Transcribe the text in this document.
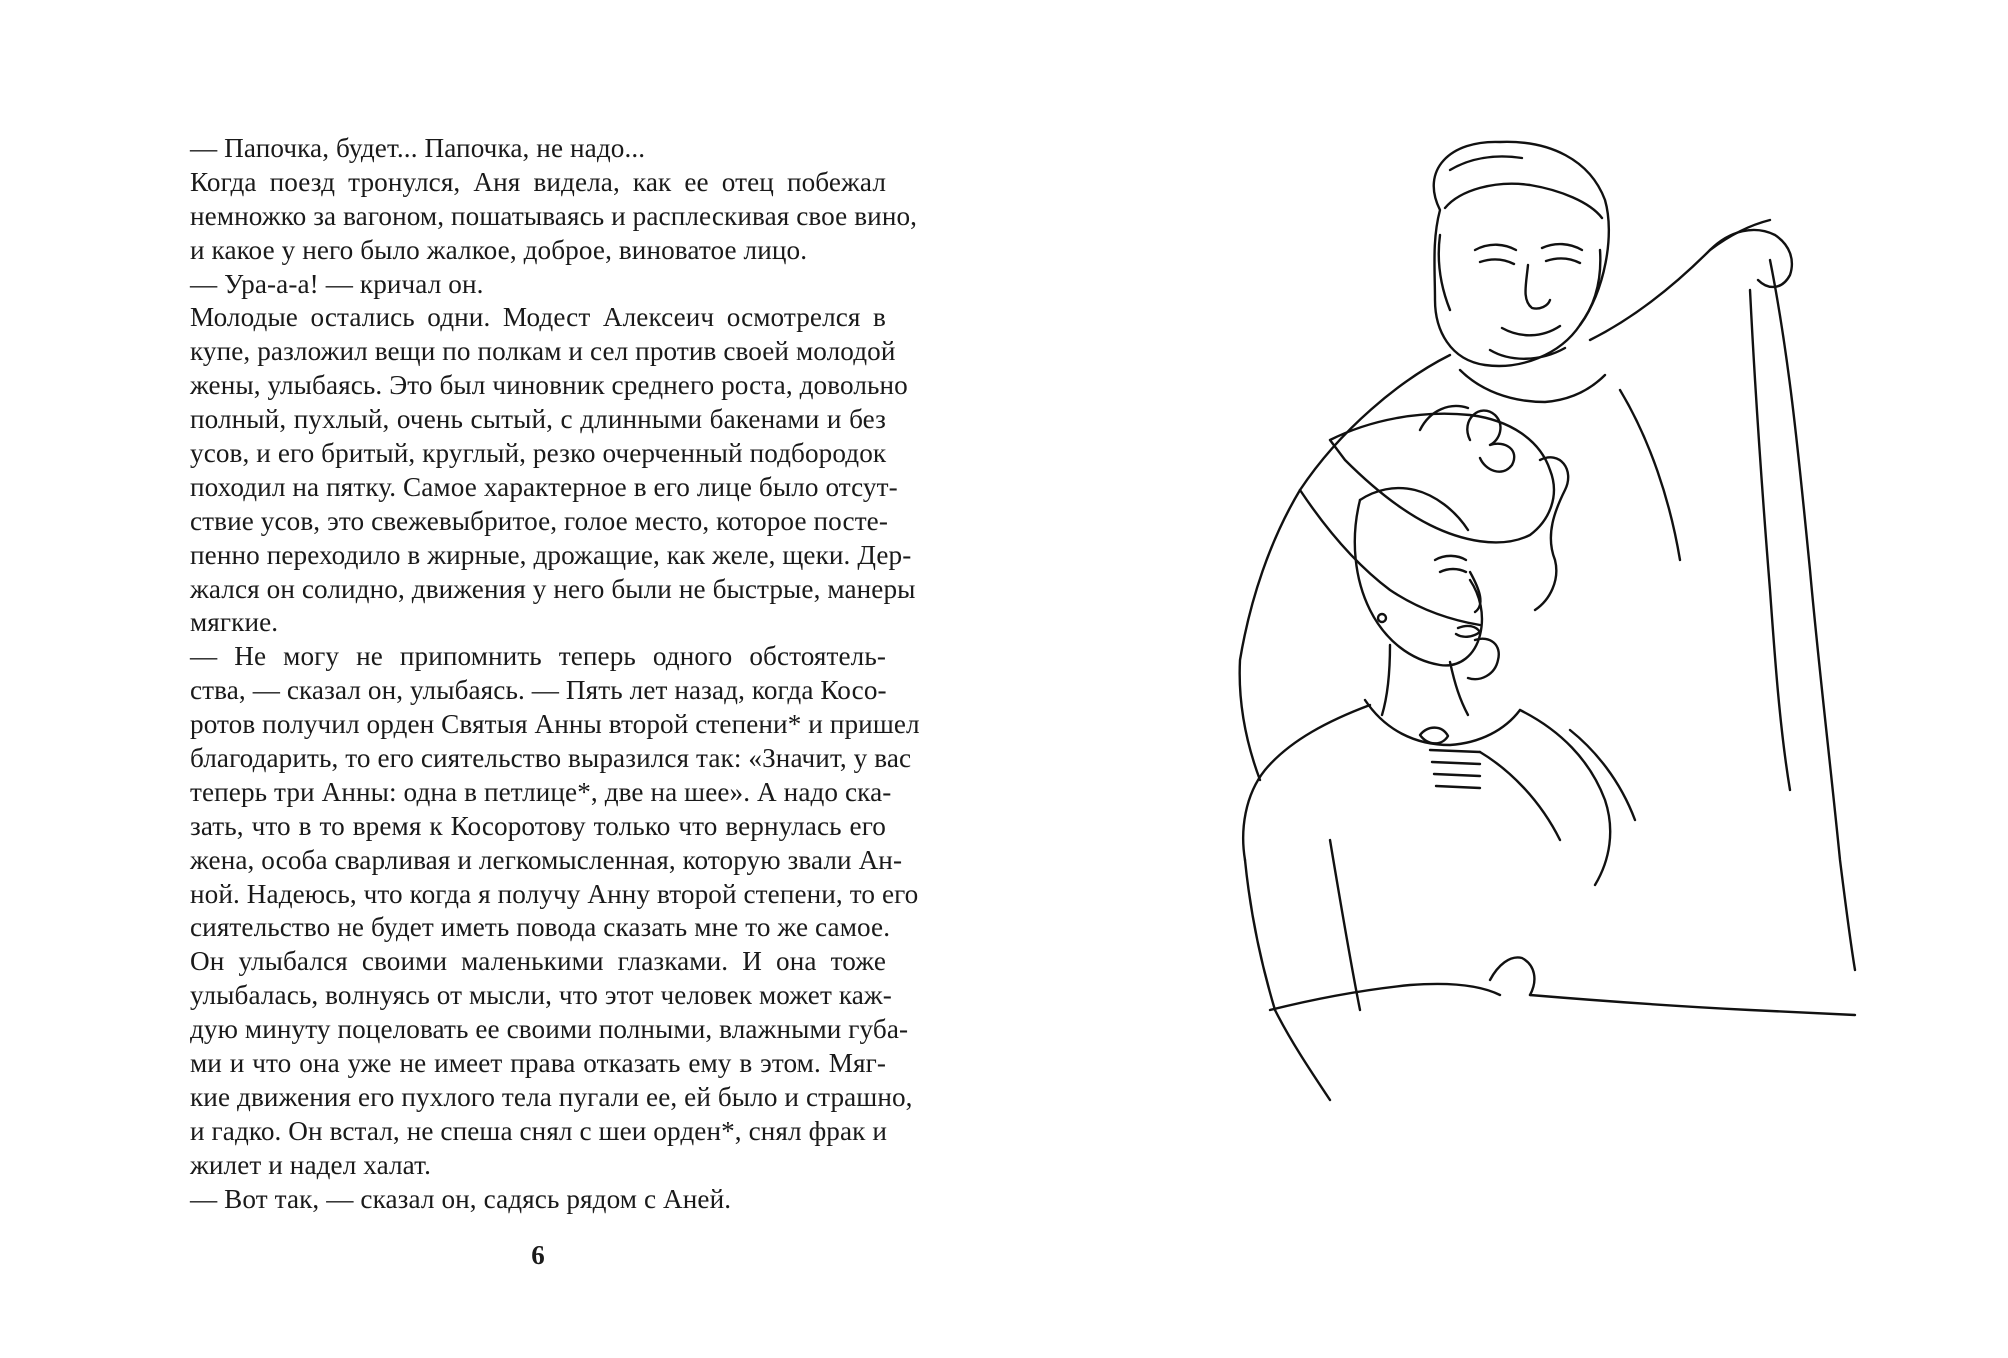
— Папочка, будет... Папочка, не надо...
Когда поезд тронулся, Аня видела, как ее отец побежал
немножко за вагоном, пошатываясь и расплескивая свое вино,
и какое у него было жалкое, доброе, виноватое лицо.
— Ура-а-а! — кричал он.
Молодые остались одни. Модест Алексеич осмотрелся в
купе, разложил вещи по полкам и сел против своей молодой
жены, улыбаясь. Это был чиновник среднего роста, довольно
полный, пухлый, очень сытый, с длинными бакенами и без
усов, и его бритый, круглый, резко очерченный подбородок
походил на пятку. Самое характерное в его лице было отсут-
ствие усов, это свежевыбритое, голое место, которое посте-
пенно переходило в жирные, дрожащие, как желе, щеки. Дер-
жался он солидно, движения у него были не быстрые, манеры
мягкие.
— Не могу не припомнить теперь одного обстоятель-
ства, — сказал он, улыбаясь. — Пять лет назад, когда Косо-
ротов получил орден Святыя Анны второй степени* и пришел
благодарить, то его сиятельство выразился так: «Значит, у вас
теперь три Анны: одна в петлице*, две на шее». А надо ска-
зать, что в то время к Косоротову только что вернулась его
жена, особа сварливая и легкомысленная, которую звали Ан-
ной. Надеюсь, что когда я получу Анну второй степени, то его
сиятельство не будет иметь повода сказать мне то же самое.
Он улыбался своими маленькими глазками. И она тоже
улыбалась, волнуясь от мысли, что этот человек может каж-
дую минуту поцеловать ее своими полными, влажными губа-
ми и что она уже не имеет права отказать ему в этом. Мяг-
кие движения его пухлого тела пугали ее, ей было и страшно,
и гадко. Он встал, не спеша снял с шеи орден*, снял фрак и
жилет и надел халат.
— Вот так, — сказал он, садясь рядом с Аней.
6
